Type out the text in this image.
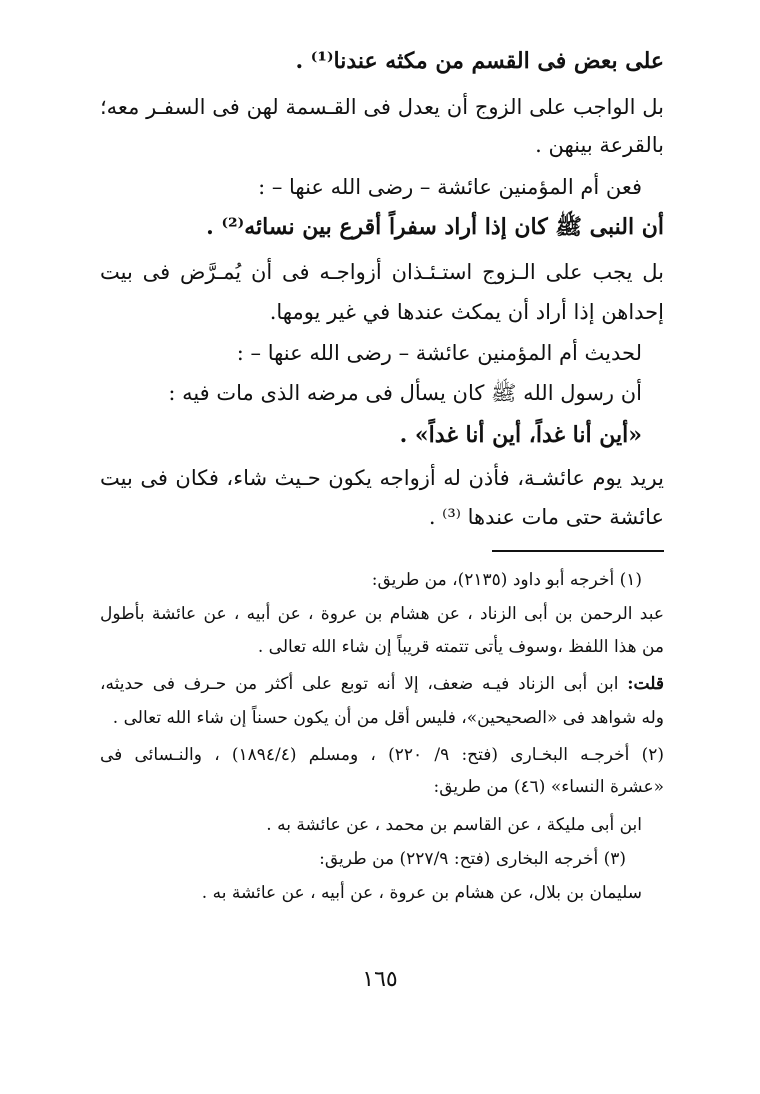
على بعض فى القسم من مكثه عندنا⁽¹⁾ .
بل الواجب على الزوج أن يعدل فى القـسمة لهن فى السفـر معه؛
بالقرعة بينهن .
فعن أم المؤمنين عائشة – رضى الله عنها – :
أن النبى ﷺ كان إذا أراد سفراً أقرع بين نسائه⁽²⁾ .
بل يجب على الـزوج استـئـذان أزواجـه فى أن يُمـرَّض فى بيت
إحداهن إذا أراد أن يمكث عندها في غير يومها.
لحديث أم المؤمنين عائشة – رضى الله عنها – :
أن رسول الله ﷺ كان يسأل فى مرضه الذى مات فيه :
«أين أنا غداً، أين أنا غداً» .
يريد يوم عائشـة، فأذن له أزواجه يكون حـيث شاء، فكان فى بيت
عائشة حتى مات عندها ⁽³⁾ .
(١) أخرجه أبو داود (٢١٣٥)، من طريق:
عبد الرحمن بن أبى الزناد ، عن هشام بن عروة ، عن أبيه ، عن عائشة بأطول
من هذا اللفظ ،وسوف يأتى تتمته قريباً إن شاء الله تعالى .
قلت: ابن أبى الزناد فيـه ضعف، إلا أنه توبع على أكثر من حـرف فى حديثه،
وله شواهد فى «الصحيحين»، فليس أقل من أن يكون حسناً إن شاء الله تعالى .
(٢) أخرجـه البخـارى (فتح: ٩/ ٢٢٠) ، ومسلم (١٨٩٤/٤) ، والنـسائى فى
«عشرة النساء» (٤٦) من طريق:
ابن أبى مليكة ، عن القاسم بن محمد ، عن عائشة به .
(٣) أخرجه البخارى (فتح: ٢٢٧/٩) من طريق:
سليمان بن بلال، عن هشام بن عروة ، عن أبيه ، عن عائشة به .
١٦٥
